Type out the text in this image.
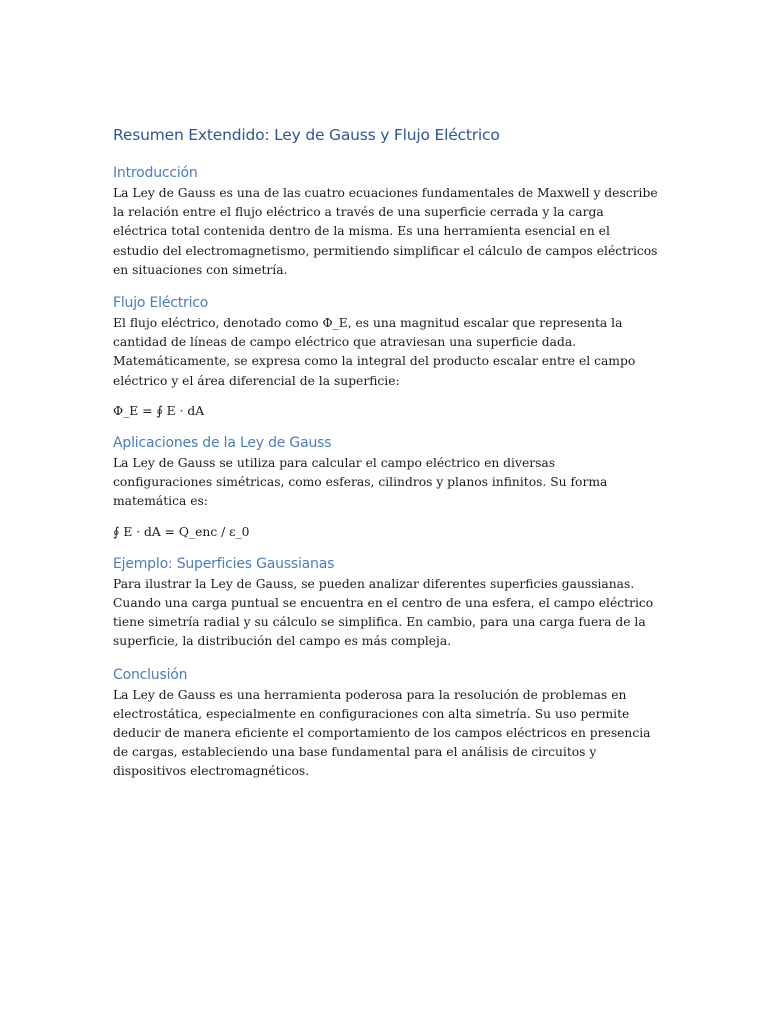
Resumen Extendido: Ley de Gauss y Flujo Eléctrico
Introducción

La Ley de Gauss es una de las cuatro ecuaciones fundamentales de Maxwell y describe la relación entre el flujo eléctrico a través de una superficie cerrada y la carga eléctrica total contenida dentro de la misma. Es una herramienta esencial en el estudio del electromagnetismo, permitiendo simplificar el cálculo de campos eléctricos en situaciones con simetría.

Flujo Eléctrico

El flujo eléctrico, denotado como Φ_E, es una magnitud escalar que representa la cantidad de líneas de campo eléctrico que atraviesan una superficie dada. Matemáticamente, se expresa como la integral del producto escalar entre el campo eléctrico y el área diferencial de la superficie:

Φ_E = ∮ E · dA
Aplicaciones de la Ley de Gauss

La Ley de Gauss se utiliza para calcular el campo eléctrico en diversas configuraciones simétricas, como esferas, cilindros y planos infinitos. Su forma matemática es:

∮ E · dA = Q_enc / ε_0
Ejemplo: Superficies Gaussianas

Para ilustrar la Ley de Gauss, se pueden analizar diferentes superficies gaussianas. Cuando una carga puntual se encuentra en el centro de una esfera, el campo eléctrico tiene simetría radial y su cálculo se simplifica. En cambio, para una carga fuera de la superficie, la distribución del campo es más compleja.

Conclusión

La Ley de Gauss es una herramienta poderosa para la resolución de problemas en electrostática, especialmente en configuraciones con alta simetría. Su uso permite deducir de manera eficiente el comportamiento de los campos eléctricos en presencia de cargas, estableciendo una base fundamental para el análisis de circuitos y dispositivos electromagnéticos.
